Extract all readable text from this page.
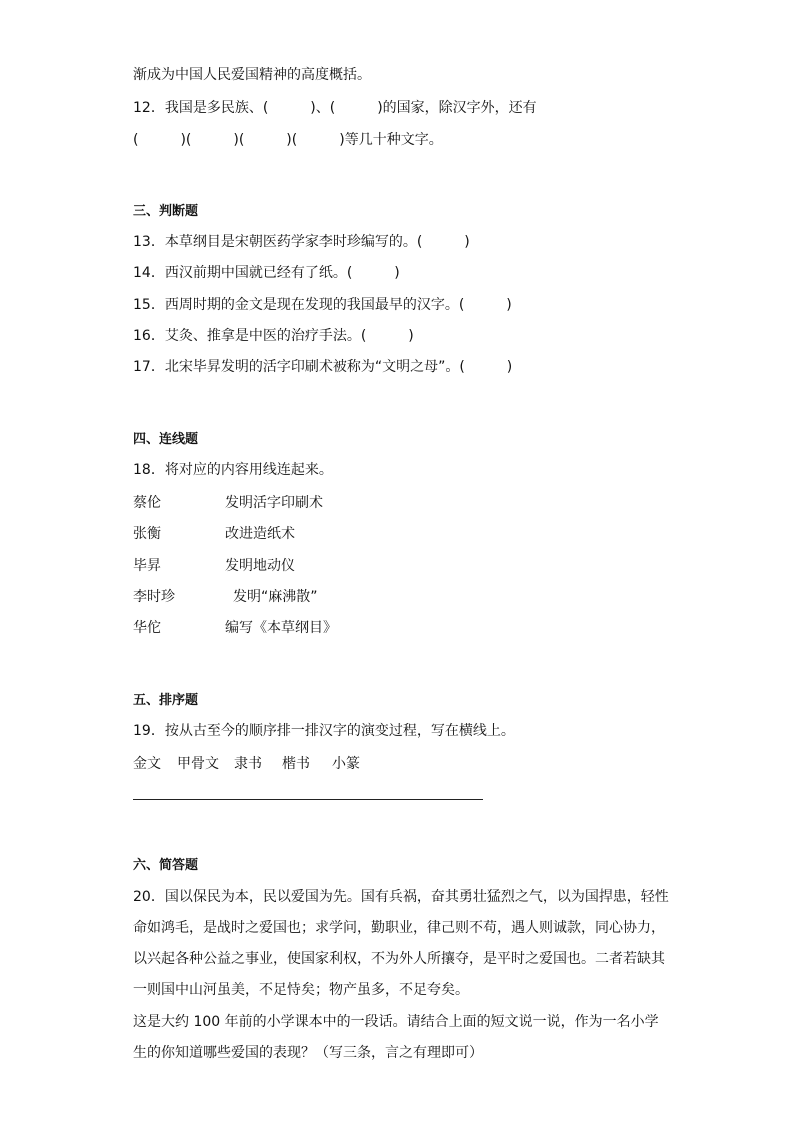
渐成为中国人民爱国精神的高度概括。
12．我国是多民族、(　　　)、(　　　)的国家，除汉字外，还有
(　　　)(　　　)(　　　)(　　　)等几十种文字。
三、判断题
13．本草纲目是宋朝医药学家李时珍编写的。(　　　)
14．西汉前期中国就已经有了纸。(　　　)
15．西周时期的金文是现在发现的我国最早的汉字。(　　　)
16．艾灸、推拿是中医的治疗手法。(　　　)
17．北宋毕昇发明的活字印刷术被称为“文明之母”。(　　　)
四、连线题
18．将对应的内容用线连起来。
蔡伦	发明活字印刷术
张衡	改进造纸术
毕昇	发明地动仪
李时珍	发明“麻沸散”
华佗	编写《本草纲目》
五、排序题
19．按从古至今的顺序排一排汉字的演变过程，写在横线上。
金文 甲骨文 隶书 楷书 小篆
六、简答题
20．国以保民为本，民以爱国为先。国有兵祸，奋其勇壮猛烈之气，以为国捍患，轻性
命如鸿毛，是战时之爱国也；求学问，勤职业，律己则不苟，遇人则诚款，同心协力，
以兴起各种公益之事业，使国家利权，不为外人所攘夺，是平时之爱国也。二者若缺其
一则国中山河虽美，不足恃矣；物产虽多，不足夸矣。
这是大约 100 年前的小学课本中的一段话。请结合上面的短文说一说，作为一名小学
生的你知道哪些爱国的表现？（写三条，言之有理即可）
